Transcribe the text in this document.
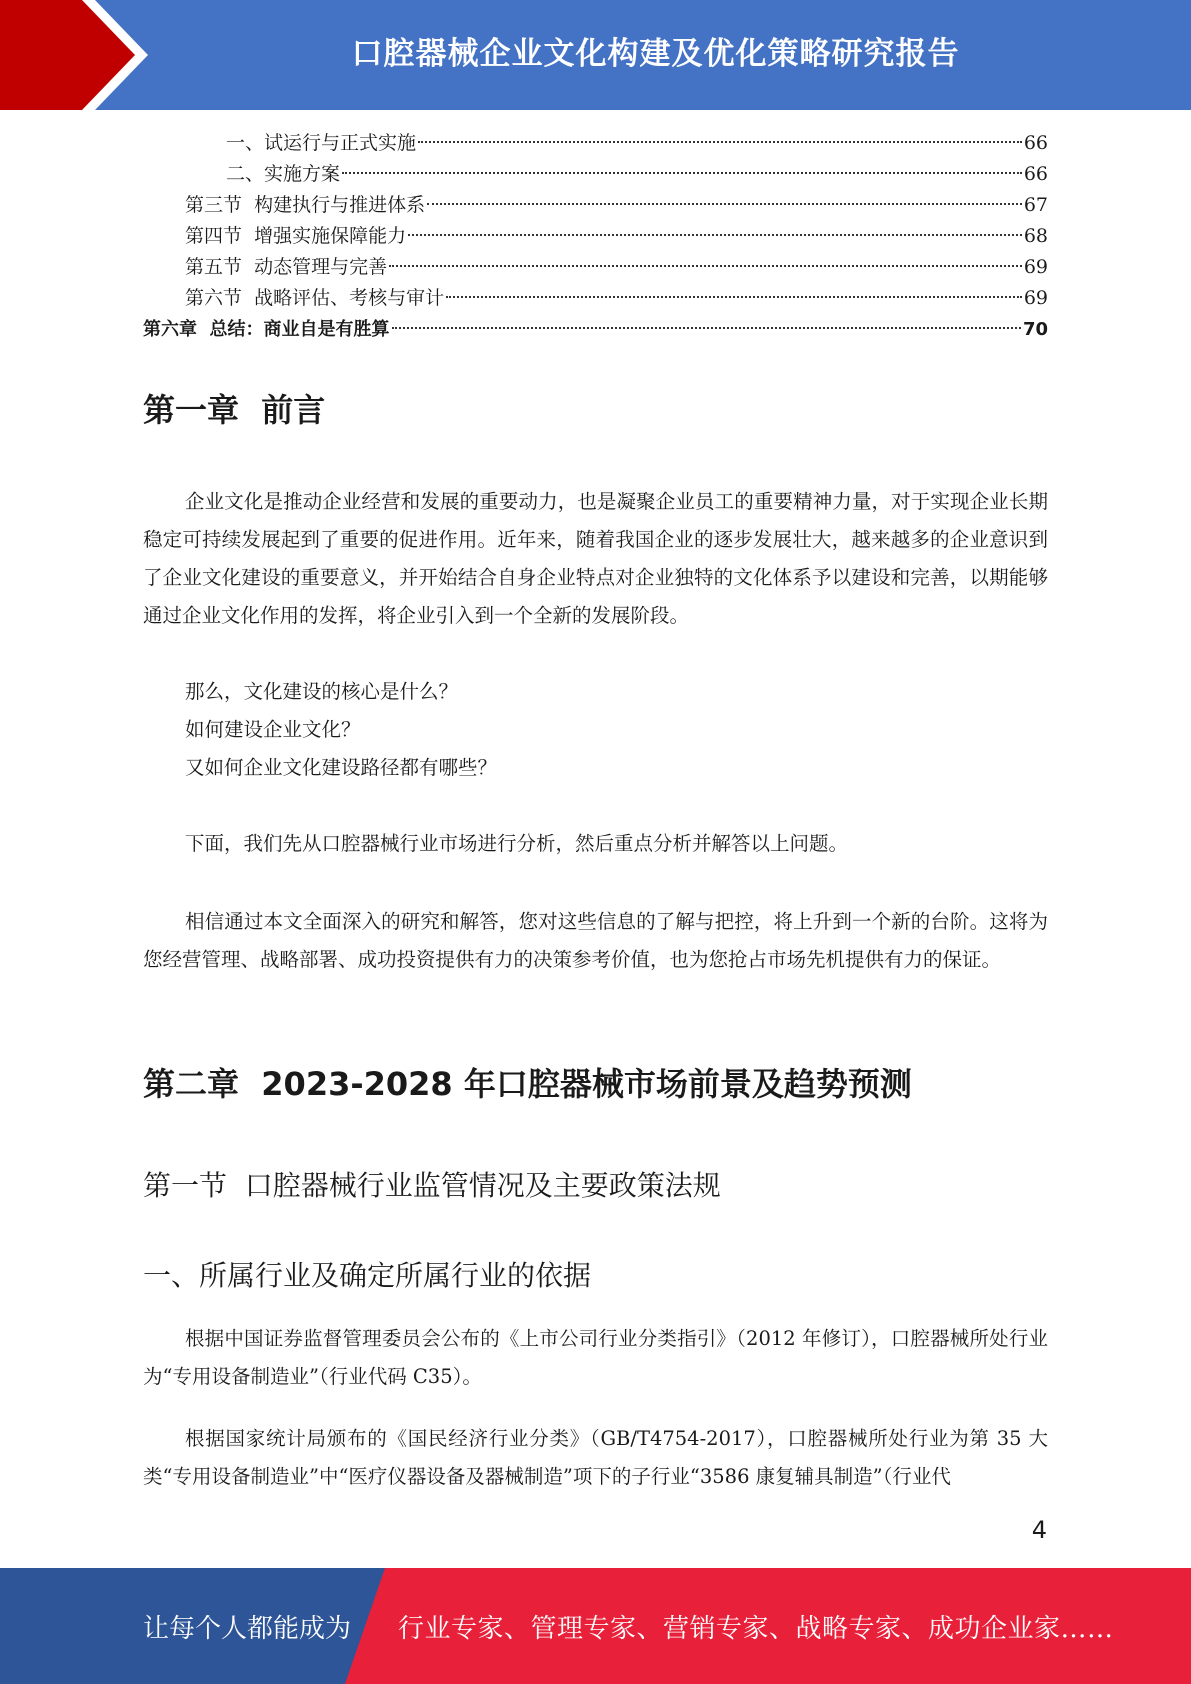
口腔器械企业文化构建及优化策略研究报告
一、试运行与正式实施	66
二、实施方案	66
第三节  构建执行与推进体系	67
第四节  增强实施保障能力	68
第五节  动态管理与完善	69
第六节  战略评估、考核与审计	69
第六章  总结：商业自是有胜算	70
第一章  前言

企业文化是推动企业经营和发展的重要动力，也是凝聚企业员工的重要精神力量，对于实现企业长期稳定可持续发展起到了重要的促进作用。近年来，随着我国企业的逐步发展壮大，越来越多的企业意识到了企业文化建设的重要意义，并开始结合自身企业特点对企业独特的文化体系予以建设和完善，以期能够通过企业文化作用的发挥，将企业引入到一个全新的发展阶段。

那么，文化建设的核心是什么？
如何建设企业文化？
又如何企业文化建设路径都有哪些？

下面，我们先从口腔器械行业市场进行分析，然后重点分析并解答以上问题。

相信通过本文全面深入的研究和解答，您对这些信息的了解与把控，将上升到一个新的台阶。这将为您经营管理、战略部署、成功投资提供有力的决策参考价值，也为您抢占市场先机提供有力的保证。

第二章  2023-2028 年口腔器械市场前景及趋势预测
第一节  口腔器械行业监管情况及主要政策法规
一、所属行业及确定所属行业的依据

根据中国证券监督管理委员会公布的《上市公司行业分类指引》（2012 年修订），口腔器械所处行业为“专用设备制造业”（行业代码 C35）。

根据国家统计局颁布的《国民经济行业分类》（GB/T4754-2017），口腔器械所处行业为第 35 大类“专用设备制造业”中“医疗仪器设备及器械制造”项下的子行业“3586 康复辅具制造”（行业代

4
让每个人都能成为 行业专家、管理专家、营销专家、战略专家、成功企业家……
